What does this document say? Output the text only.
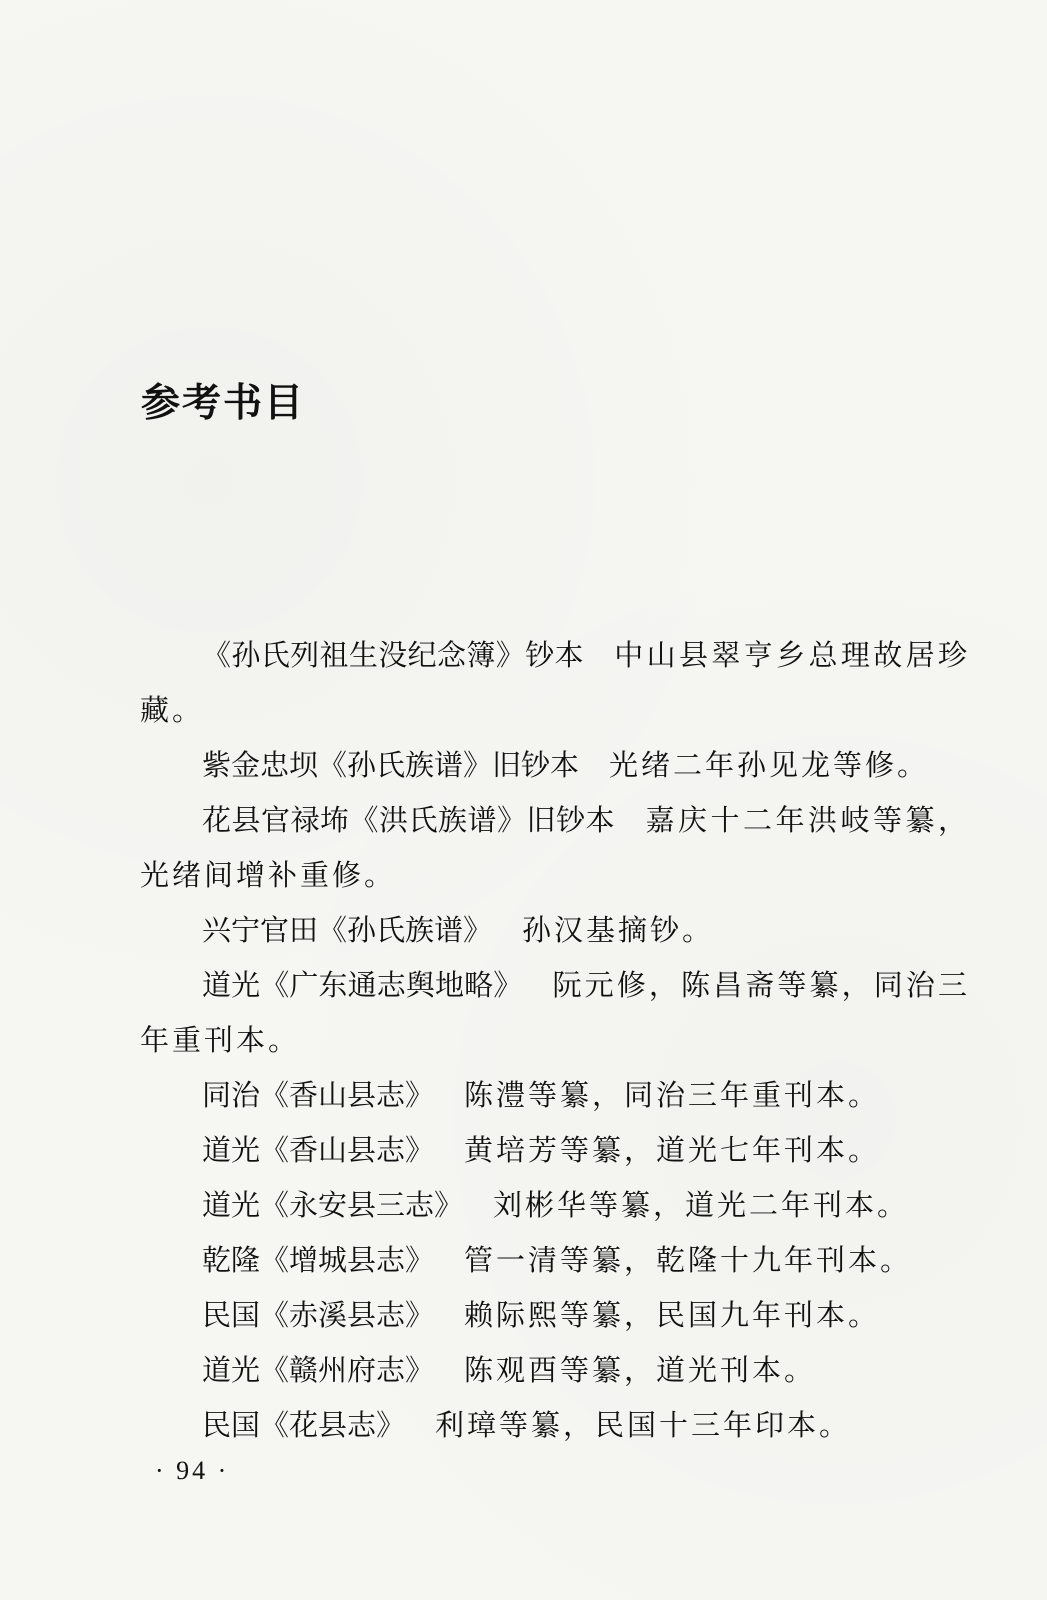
参考书目

《孙氏列祖生没纪念簿》钞本 中山县翠亨乡总理故居珍藏。

紫金忠坝《孙氏族谱》旧钞本 光绪二年孙见龙等修。

花县官禄㘵《洪氏族谱》旧钞本 嘉庆十二年洪岐等纂，光绪间增补重修。

兴宁官田《孙氏族谱》 孙汉基摘钞。

道光《广东通志舆地略》 阮元修，陈昌斋等纂，同治三年重刊本。

同治《香山县志》 陈澧等纂，同治三年重刊本。

道光《香山县志》 黄培芳等纂，道光七年刊本。

道光《永安县三志》 刘彬华等纂，道光二年刊本。

乾隆《增城县志》 管一清等纂，乾隆十九年刊本。

民国《赤溪县志》 赖际熙等纂，民国九年刊本。

道光《赣州府志》 陈观酉等纂，道光刊本。

民国《花县志》 利璋等纂，民国十三年印本。

· 94 ·
